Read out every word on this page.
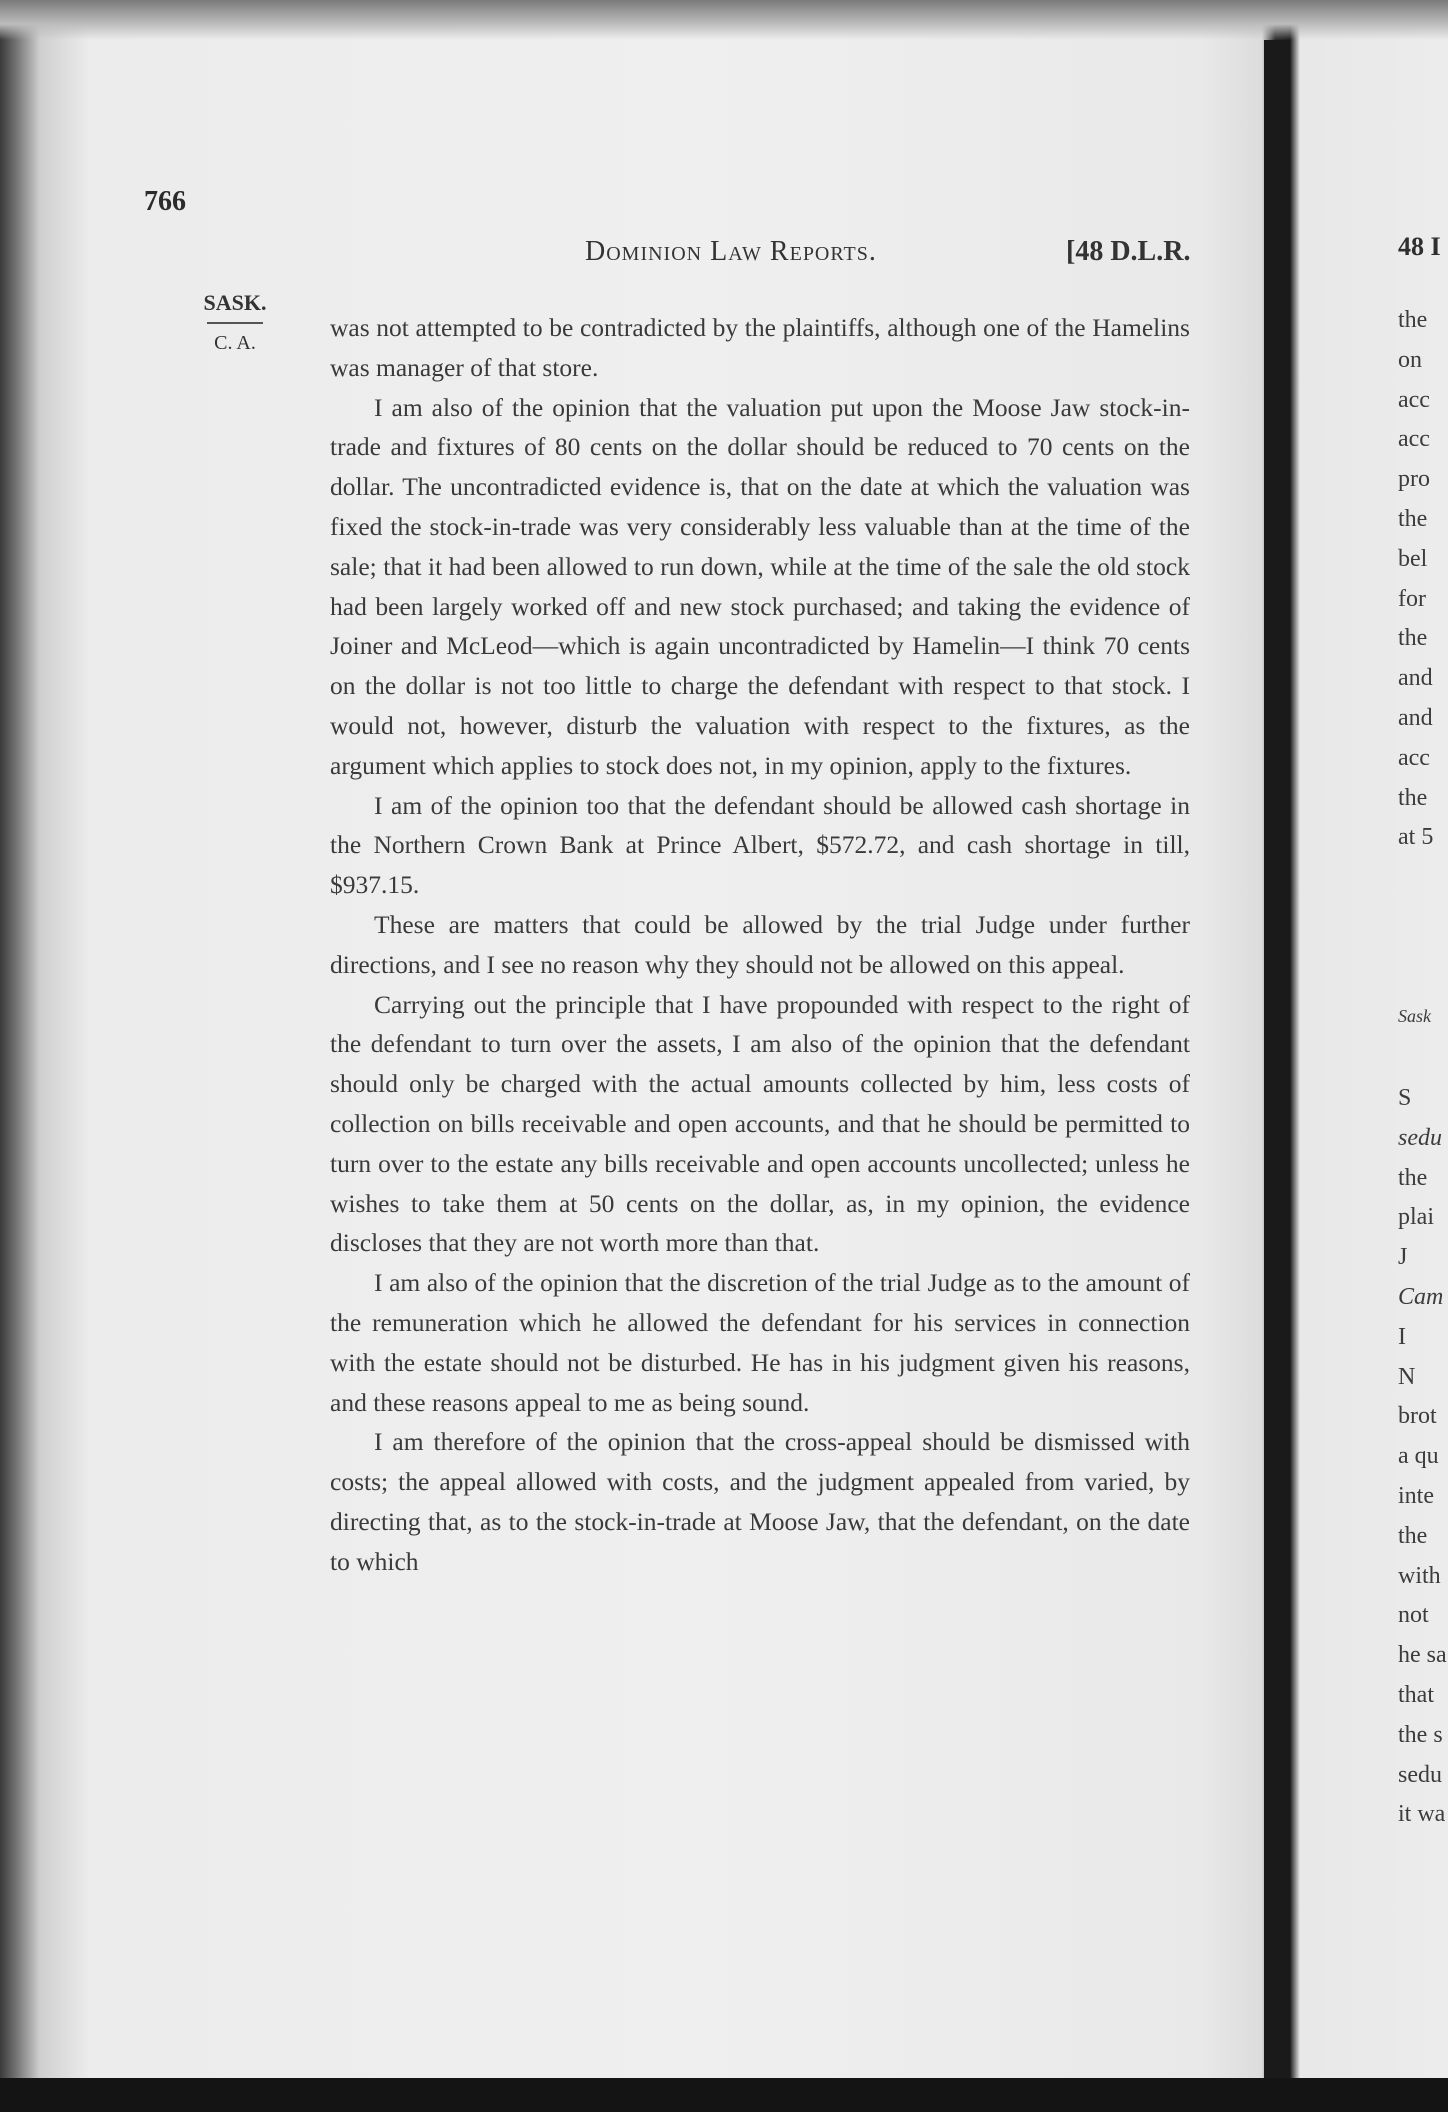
766
Dominion Law Reports.	[48 D.L.R.
SASK.
C. A.

was not attempted to be contradicted by the plaintiffs, although one of the Hamelins was manager of that store.

I am also of the opinion that the valuation put upon the Moose Jaw stock-in-trade and fixtures of 80 cents on the dollar should be reduced to 70 cents on the dollar. The uncontradicted evidence is, that on the date at which the valuation was fixed the stock-in-trade was very considerably less valuable than at the time of the sale; that it had been allowed to run down, while at the time of the sale the old stock had been largely worked off and new stock purchased; and taking the evidence of Joiner and McLeod—which is again uncontradicted by Hamelin—I think 70 cents on the dollar is not too little to charge the defendant with respect to that stock. I would not, however, disturb the valuation with respect to the fixtures, as the argument which applies to stock does not, in my opinion, apply to the fixtures.

I am of the opinion too that the defendant should be allowed cash shortage in the Northern Crown Bank at Prince Albert, $572.72, and cash shortage in till, $937.15.

These are matters that could be allowed by the trial Judge under further directions, and I see no reason why they should not be allowed on this appeal.

Carrying out the principle that I have propounded with respect to the right of the defendant to turn over the assets, I am also of the opinion that the defendant should only be charged with the actual amounts collected by him, less costs of collection on bills receivable and open accounts, and that he should be permitted to turn over to the estate any bills receivable and open accounts uncollected; unless he wishes to take them at 50 cents on the dollar, as, in my opinion, the evidence discloses that they are not worth more than that.

I am also of the opinion that the discretion of the trial Judge as to the amount of the remuneration which he allowed the defendant for his services in connection with the estate should not be disturbed. He has in his judgment given his reasons, and these reasons appeal to me as being sound.

I am therefore of the opinion that the cross-appeal should be dismissed with costs; the appeal allowed with costs, and the judgment appealed from varied, by directing that, as to the stock-in-trade at Moose Jaw, that the defendant, on the date to which

48 I
the
on
acc
acc
pro
the
bel
for
the
and
and
acc
the
at 5
Sask
S
sedu
the
plai
J
Cam
I
N
brot
a qu
inte
the
with
not
he sa
that
the s
sedu
it wa
